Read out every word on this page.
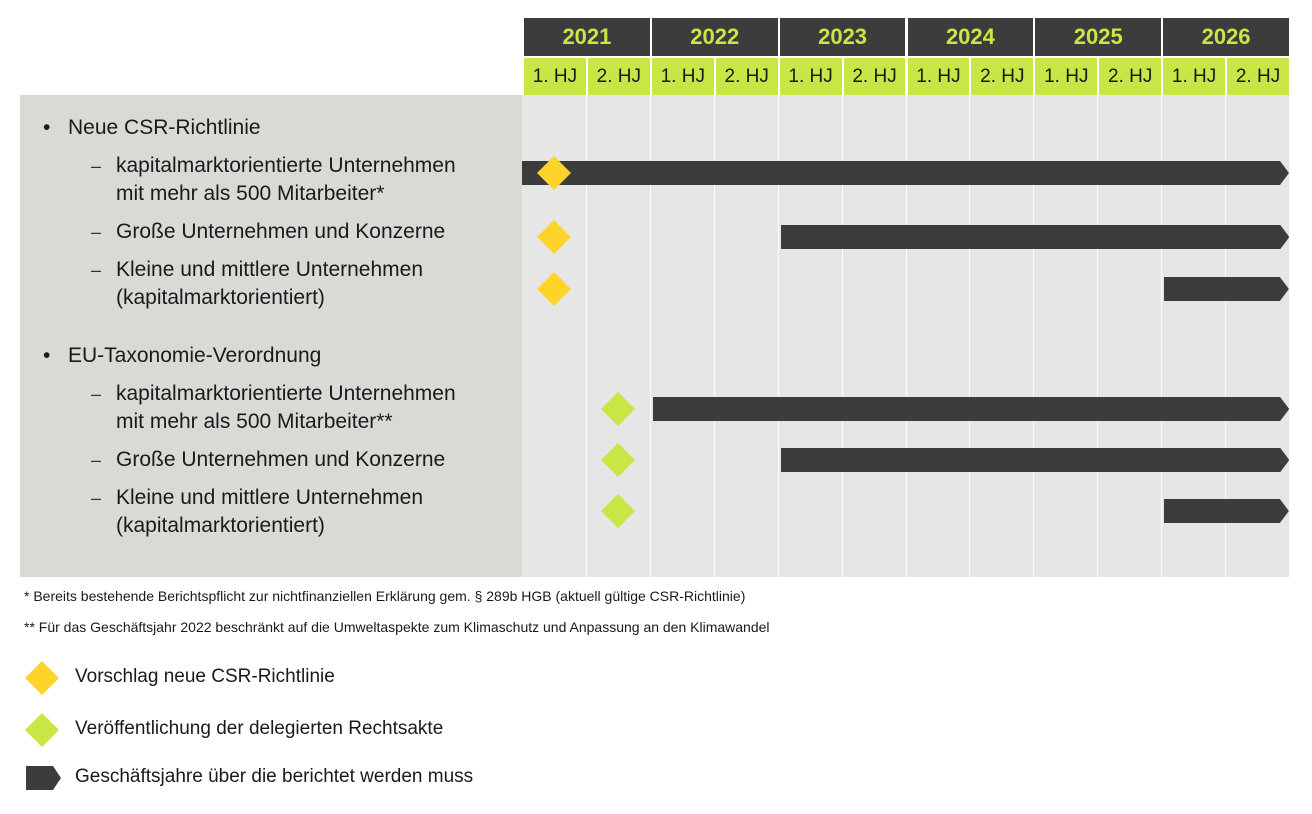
2021
1. HJ	2. HJ
2022
1. HJ	2. HJ
2023
1. HJ	2. HJ
2024
1. HJ	2. HJ
2025
1. HJ	2. HJ
2026
1. HJ	2. HJ
• Neue CSR-Richtlinie
– kapitalmarktorientierte Unternehmen
mit mehr als 500 Mitarbeiter*
– Große Unternehmen und Konzerne
– Kleine und mittlere Unternehmen
(kapitalmarktorientiert)
• EU-Taxonomie-Verordnung
– kapitalmarktorientierte Unternehmen
mit mehr als 500 Mitarbeiter**
– Große Unternehmen und Konzerne
– Kleine und mittlere Unternehmen
(kapitalmarktorientiert)
* Bereits bestehende Berichtspflicht zur nichtfinanziellen Erklärung gem. § 289b HGB (aktuell gültige CSR-Richtlinie)
** Für das Geschäftsjahr 2022 beschränkt auf die Umweltaspekte zum Klimaschutz und Anpassung an den Klimawandel
Vorschlag neue CSR-Richtlinie
Veröffentlichung der delegierten Rechtsakte
Geschäftsjahre über die berichtet werden muss
